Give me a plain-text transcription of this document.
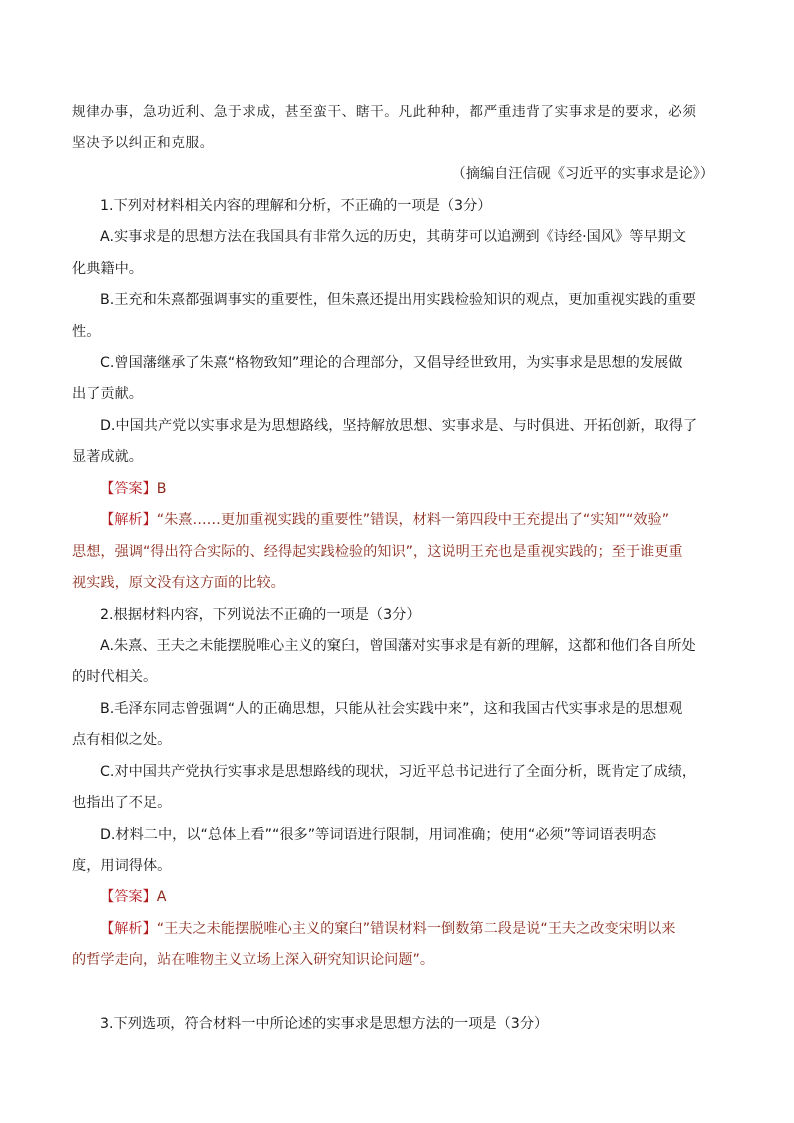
规律办事，急功近利、急于求成，甚至蛮干、瞎干。凡此种种，都严重违背了实事求是的要求，必须
坚决予以纠正和克服。
（摘编自汪信砚《习近平的实事求是论》）
1.下列对材料相关内容的理解和分析，不正确的一项是（3分）
A.实事求是的思想方法在我国具有非常久远的历史，其萌芽可以追溯到《诗经·国风》等早期文
化典籍中。
B.王充和朱熹都强调事实的重要性，但朱熹还提出用实践检验知识的观点，更加重视实践的重要
性。
C.曾国藩继承了朱熹“格物致知”理论的合理部分，又倡导经世致用，为实事求是思想的发展做
出了贡献。
D.中国共产党以实事求是为思想路线，坚持解放思想、实事求是、与时俱进、开拓创新，取得了
显著成就。
【答案】B
【解析】“朱熹……更加重视实践的重要性”错误，材料一第四段中王充提出了“实知”“效验”
思想，强调“得出符合实际的、经得起实践检验的知识”，这说明王充也是重视实践的；至于谁更重
视实践，原文没有这方面的比较。
2.根据材料内容，下列说法不正确的一项是（3分）
A.朱熹、王夫之未能摆脱唯心主义的窠臼，曾国藩对实事求是有新的理解，这都和他们各自所处
的时代相关。
B.毛泽东同志曾强调“人的正确思想，只能从社会实践中来”，这和我国古代实事求是的思想观
点有相似之处。
C.对中国共产党执行实事求是思想路线的现状，习近平总书记进行了全面分析，既肯定了成绩，
也指出了不足。
D.材料二中，以“总体上看”“很多”等词语进行限制，用词准确；使用“必须”等词语表明态
度，用词得体。
【答案】A
【解析】“王夫之未能摆脱唯心主义的窠臼”错误材料一倒数第二段是说“王夫之改变宋明以来
的哲学走向，站在唯物主义立场上深入研究知识论问题”。
3.下列选项，符合材料一中所论述的实事求是思想方法的一项是（3分）
